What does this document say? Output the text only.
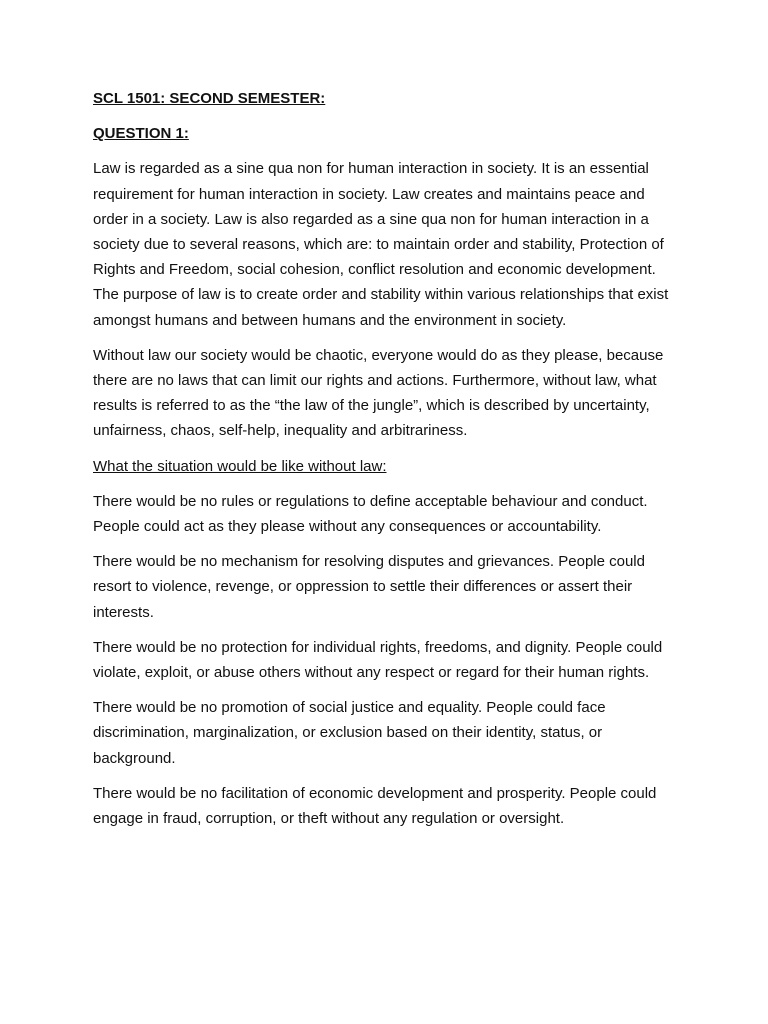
SCL 1501: SECOND SEMESTER:
QUESTION 1:

Law is regarded as a sine qua non for human interaction in society. It is an essential requirement for human interaction in society. Law creates and maintains peace and order in a society. Law is also regarded as a sine qua non for human interaction in a society due to several reasons, which are: to maintain order and stability, Protection of Rights and Freedom, social cohesion, conflict resolution and economic development. The purpose of law is to create order and stability within various relationships that exist amongst humans and between humans and the environment in society.

Without law our society would be chaotic, everyone would do as they please, because there are no laws that can limit our rights and actions. Furthermore, without law, what results is referred to as the “the law of the jungle”, which is described by uncertainty, unfairness, chaos, self-help, inequality and arbitrariness.

What the situation would be like without law:

There would be no rules or regulations to define acceptable behaviour and conduct. People could act as they please without any consequences or accountability.

There would be no mechanism for resolving disputes and grievances. People could resort to violence, revenge, or oppression to settle their differences or assert their interests.

There would be no protection for individual rights, freedoms, and dignity. People could violate, exploit, or abuse others without any respect or regard for their human rights.

There would be no promotion of social justice and equality. People could face discrimination, marginalization, or exclusion based on their identity, status, or background.

There would be no facilitation of economic development and prosperity. People could engage in fraud, corruption, or theft without any regulation or oversight.
